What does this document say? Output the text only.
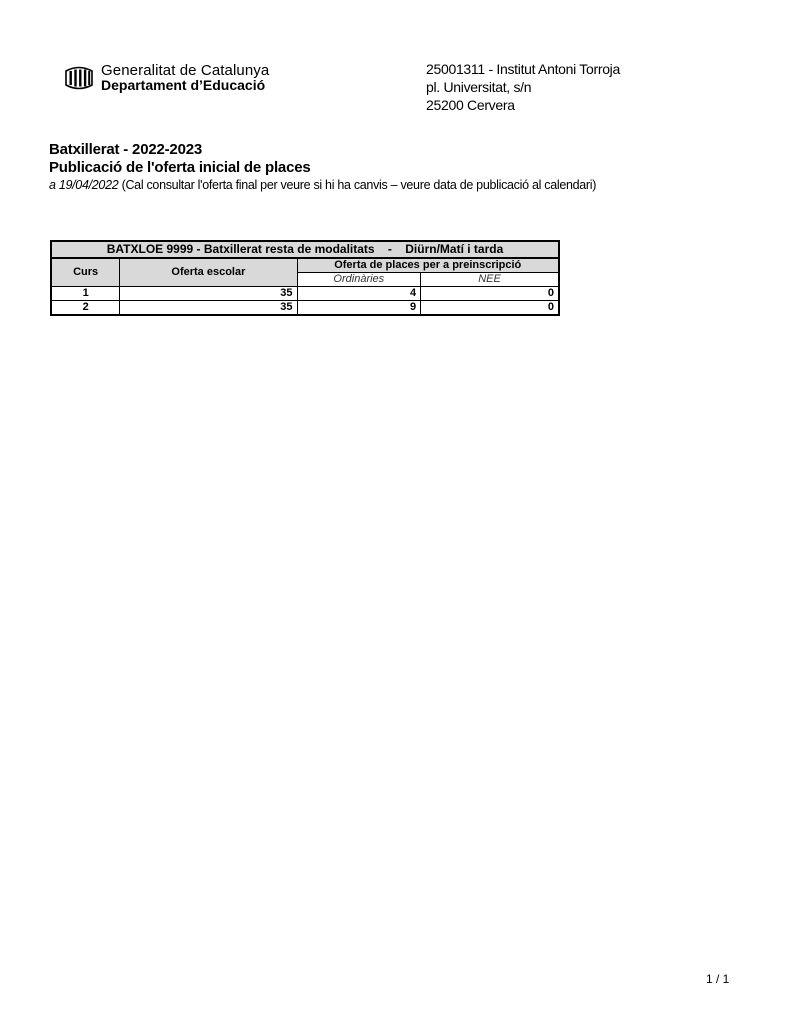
Generalitat de Catalunya
Departament d’Educació
25001311 - Institut Antoni Torroja
pl. Universitat, s/n
25200 Cervera
Batxillerat - 2022-2023
Publicació de l'oferta inicial de places
a 19/04/2022 (Cal consultar l'oferta final per veure si hi ha canvis – veure data de publicació al calendari)
BATXLOE 9999 - Batxillerat resta de modalitats    -    Diürn/Matí i tarda			
Curs	Oferta escolar	Oferta de places per a preinscripció	
		Ordinàries	NEE
1	35	4	0
2	35	9	0
1 / 1
